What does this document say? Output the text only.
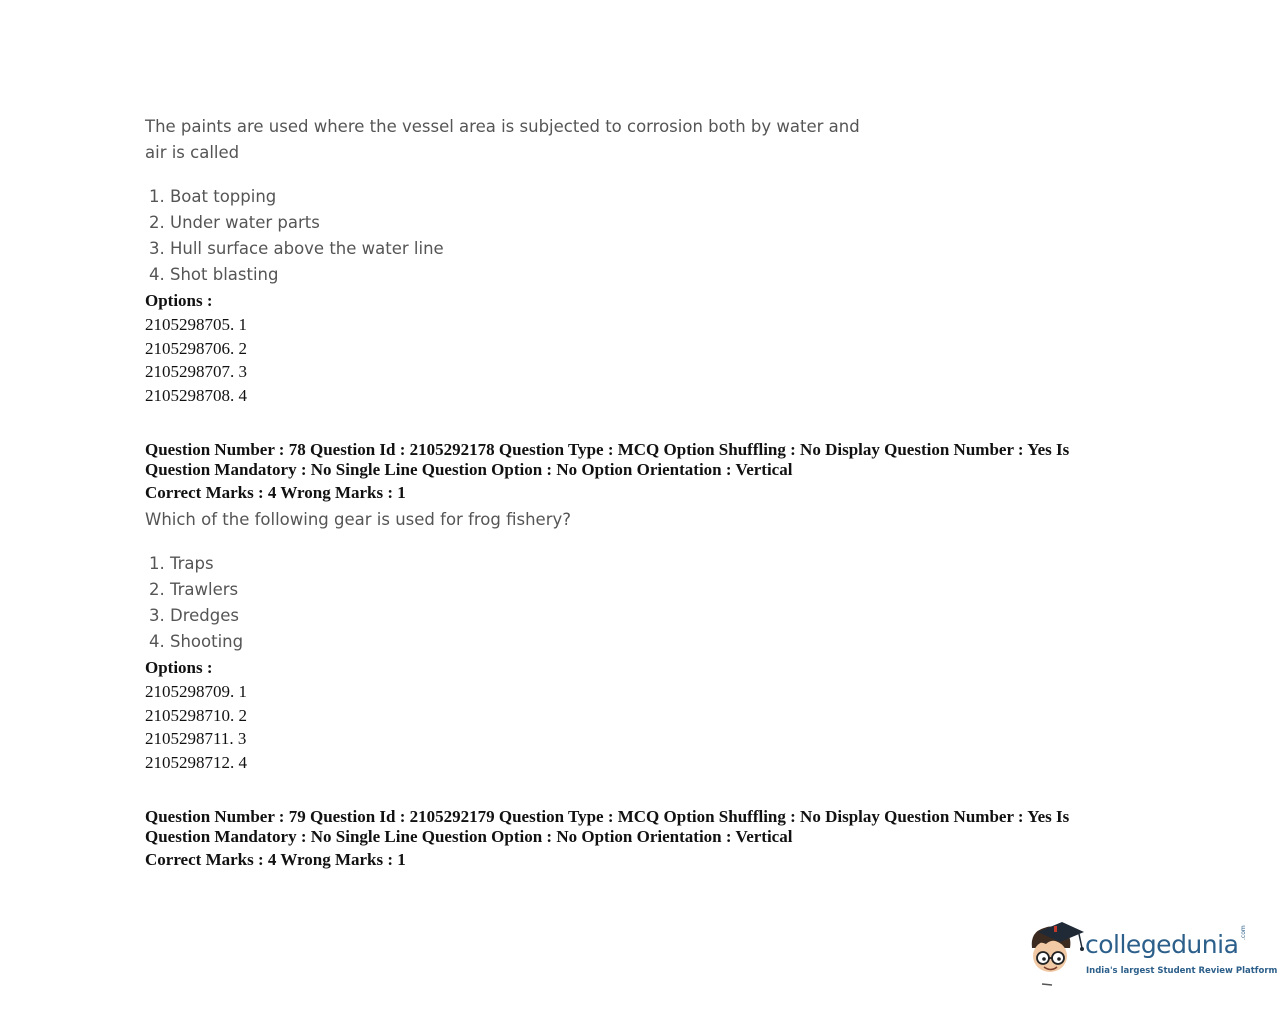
The paints are used where the vessel area is subjected to corrosion both by water and air is called
1. Boat topping
2. Under water parts
3. Hull surface above the water line
4. Shot blasting
Options :
2105298705. 1
2105298706. 2
2105298707. 3
2105298708. 4
Question Number : 78 Question Id : 2105292178 Question Type : MCQ Option Shuffling : No Display Question Number : Yes Is
Question Mandatory : No Single Line Question Option : No Option Orientation : Vertical
Correct Marks : 4 Wrong Marks : 1
Which of the following gear is used for frog fishery?
1. Traps
2. Trawlers
3. Dredges
4. Shooting
Options :
2105298709. 1
2105298710. 2
2105298711. 3
2105298712. 4
Question Number : 79 Question Id : 2105292179 Question Type : MCQ Option Shuffling : No Display Question Number : Yes Is
Question Mandatory : No Single Line Question Option : No Option Orientation : Vertical
Correct Marks : 4 Wrong Marks : 1
collegedunia .com
India's largest Student Review Platform
